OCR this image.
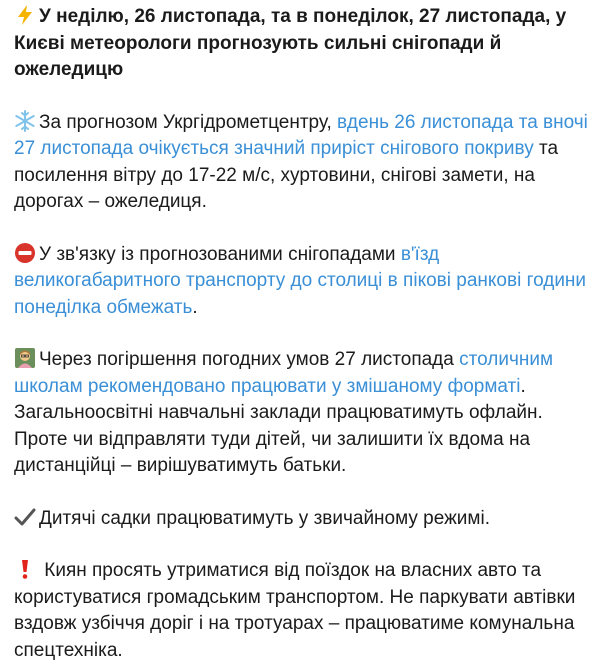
У неділю, 26 листопада, та в понеділок, 27 листопада, у Києві метеорологи прогнозують сильні снігопади й ожеледицю
За прогнозом Укргідрометцентру, вдень 26 листопада та вночі 27 листопада очікується значний приріст снігового покриву та посилення вітру до 17-22 м/с, хуртовини, снігові замети, на дорогах – ожеледиця.
У зв'язку із прогнозованими снігопадами в'їзд великогабаритного транспорту до столиці в пікові ранкові години понеділка обмежать.
Через погіршення погодних умов 27 листопада столичним школам рекомендовано працювати у змішаному форматі. Загальноосвітні навчальні заклади працюватимуть офлайн. Проте чи відправляти туди дітей, чи залишити їх вдома на дистанційці – вирішуватимуть батьки.
Дитячі садки працюватимуть у звичайному режимі.
Киян просять утриматися від поїздок на власних авто та користуватися громадським транспортом. Не паркувати автівки вздовж узбіччя доріг і на тротуарах – працюватиме комунальна спецтехніка.
